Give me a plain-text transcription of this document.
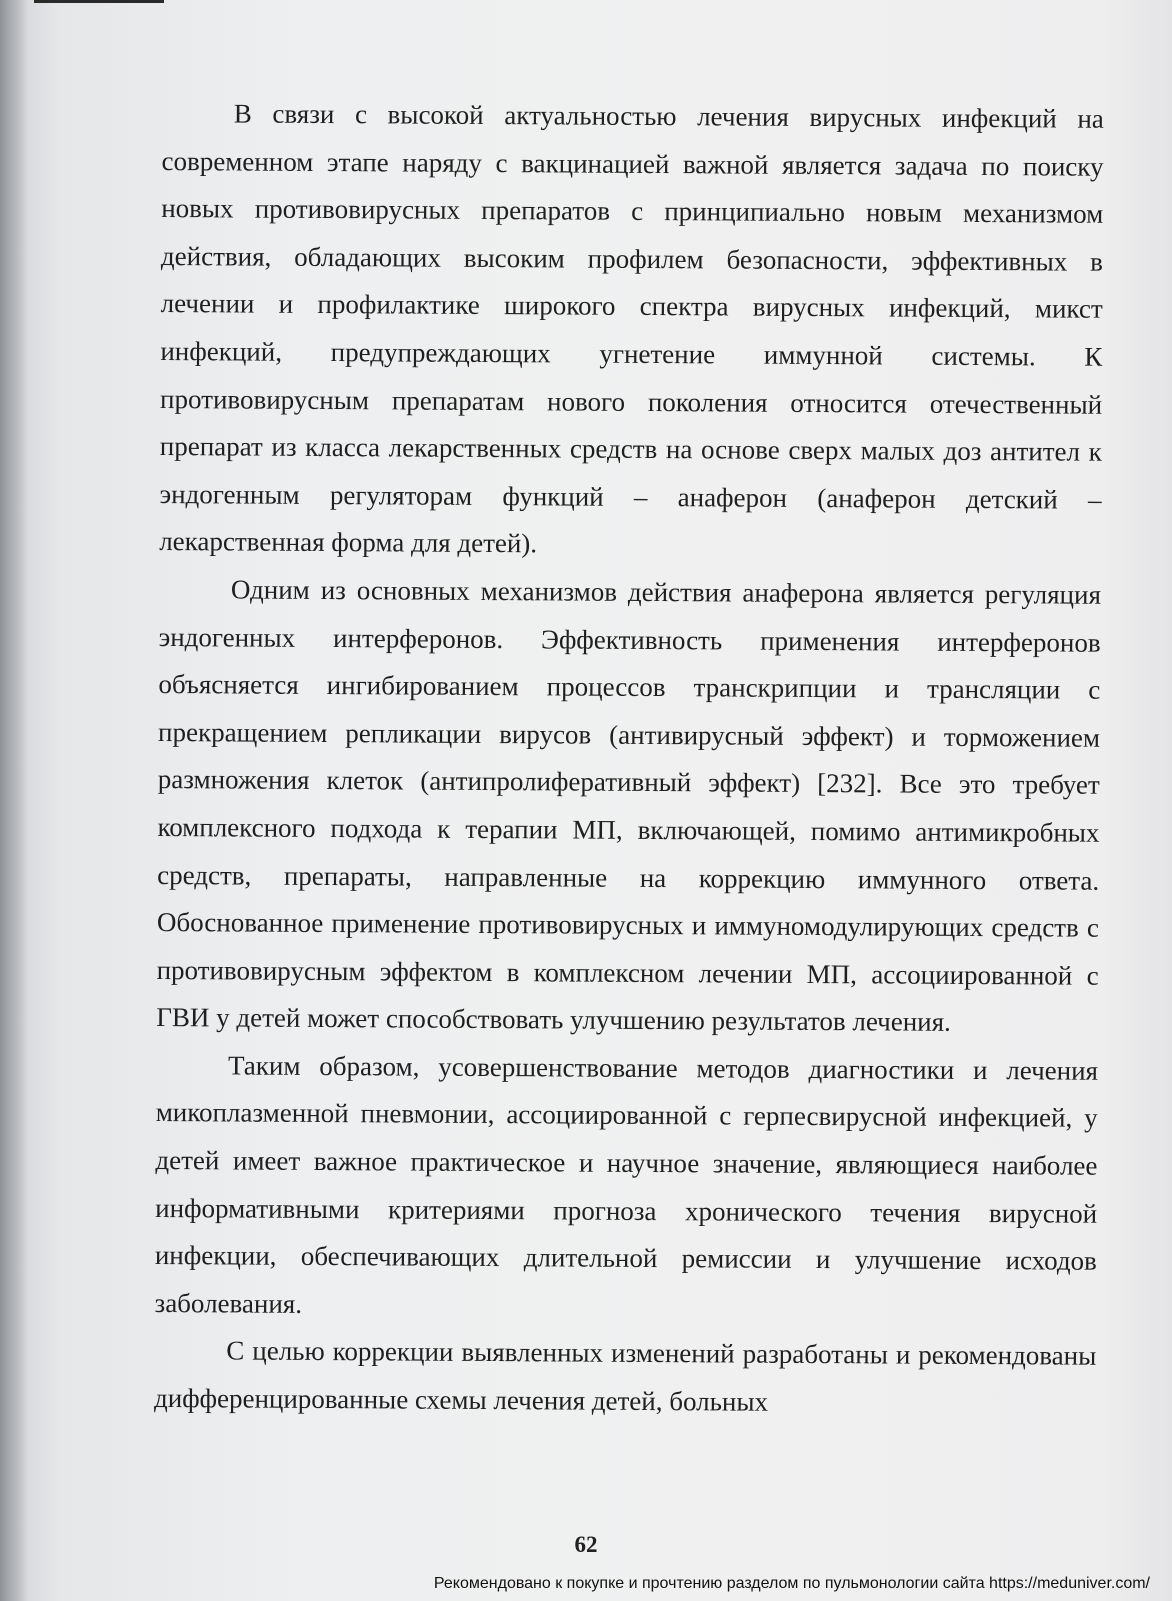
В связи с высокой актуальностью лечения вирусных инфекций на современном этапе наряду с вакцинацией важной является задача по поиску новых противовирусных препаратов с принципиально новым механизмом действия, обладающих высоким профилем безопасности, эффективных в лечении и профилактике широкого спектра вирусных инфекций, микст инфекций, предупреждающих угнетение иммунной системы. К противовирусным препаратам нового поколения относится отечественный препарат из класса лекарственных средств на основе сверх малых доз антител к эндогенным регуляторам функций – анаферон (анаферон детский – лекарственная форма для детей).

Одним из основных механизмов действия анаферона является регуляция эндогенных интерферонов. Эффективность применения интерферонов объясняется ингибированием процессов транскрипции и трансляции с прекращением репликации вирусов (антивирусный эффект) и торможением размножения клеток (антипролиферативный эффект) [232]. Все это требует комплексного подхода к терапии МП, включающей, помимо антимикробных средств, препараты, направленные на коррекцию иммунного ответа. Обоснованное применение противовирусных и иммуномодулирующих средств с противовирусным эффектом в комплексном лечении МП, ассоциированной с ГВИ у детей может способствовать улучшению результатов лечения.

Таким образом, усовершенствование методов диагностики и лечения микоплазменной пневмонии, ассоциированной с герпесвирусной инфекцией, у детей имеет важное практическое и научное значение, являющиеся наиболее информативными критериями прогноза хронического течения вирусной инфекции, обеспечивающих длительной ремиссии и улучшение исходов заболевания.

С целью коррекции выявленных изменений разработаны и рекомендованы дифференцированные схемы лечения детей, больных

62
Рекомендовано к покупке и прочтению разделом по пульмонологии сайта https://meduniver.com/
